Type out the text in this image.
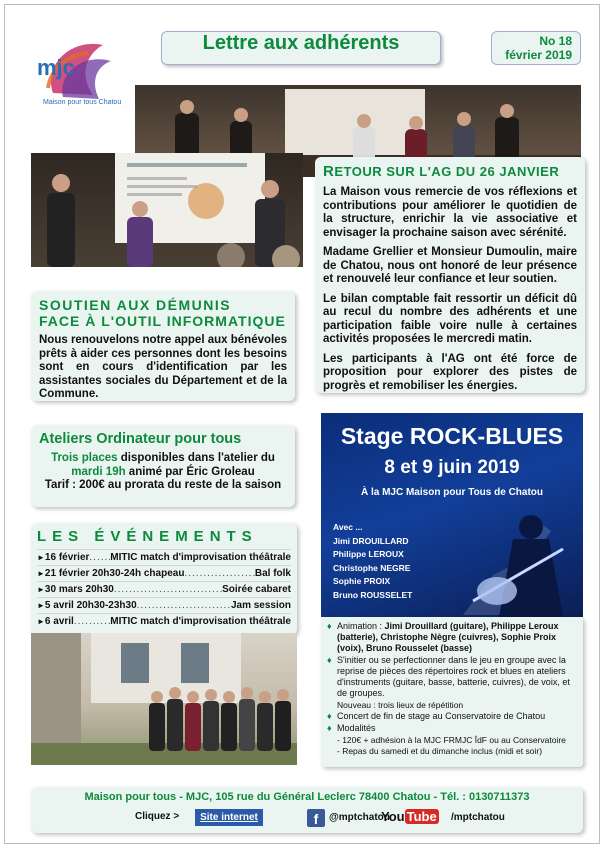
mjc
Maison pour tous Chatou
Lettre aux adhérents	No 18
février 2019
RETOUR SUR L'AG DU 26 JANVIER

La Maison vous remercie de vos réflexions et contributions pour améliorer le quotidien de la structure, enrichir la vie associative et envisager la prochaine saison avec sérénité.

Madame Grellier et Monsieur Dumoulin, maire de Chatou, nous ont honoré de leur présence et renouvelé leur confiance et leur soutien.

Le bilan comptable fait ressortir un déficit dû au recul du nombre des adhérents et une participation faible voire nulle à certaines activités proposées le mercredi matin.

Les participants à l'AG ont été force de proposition pour explorer des pistes de progrès et remobiliser les énergies.

SOUTIEN AUX DÉMUNIS
FACE À L'OUTIL INFORMATIQUE

Nous renouvelons notre appel aux bénévoles prêts à aider ces personnes dont les besoins sont en cours d'identification par les assistantes sociales du Département et de la Commune.

Ateliers Ordinateur pour tous

Trois places disponibles dans l'atelier du mardi 19h animé par Éric Groleau
Tarif : 200€ au prorata du reste de la saison

LES ÉVÉNEMENTS
► 16 février ..... MITIC match d'improvisation théâtrale
► 21 février 20h30-24h chapeau .....	Bal folk
► 30 mars 20h30 .....	Soirée cabaret
► 5 avril 20h30-23h30 .....	Jam session
► 6 avril .....	MITIC match d'improvisation théâtrale
Stage ROCK-BLUES
8 et 9 juin 2019
À la MJC Maison pour Tous de Chatou
Avec ...
Jimi DROUILLARD
Philippe LEROUX
Christophe NEGRE
Sophie PROIX
Bruno ROUSSELET
♦ Animation : Jimi Drouillard (guitare), Philippe Leroux (batterie), Christophe Nègre (cuivres), Sophie Proix (voix), Bruno Rousselet (basse)
♦ S'initier ou se perfectionner dans le jeu en groupe avec la reprise de pièces des répertoires rock et blues en ateliers d'instruments (guitare, basse, batterie, cuivres), de voix, et de groupes.
Nouveau : trois lieux de répétition
♦ Concert de fin de stage au Conservatoire de Chatou
♦ Modalités
- 120€ + adhésion à la MJC FRMJC ÎdF ou au Conservatoire
- Repas du samedi et du dimanche inclus (midi et soir)
Maison pour tous - MJC, 105 rue du Général Leclerc 78400 Chatou - Tél. : 0130711373
Cliquez >	Site internet	f	@mptchatou
You Tube /mptchatou
